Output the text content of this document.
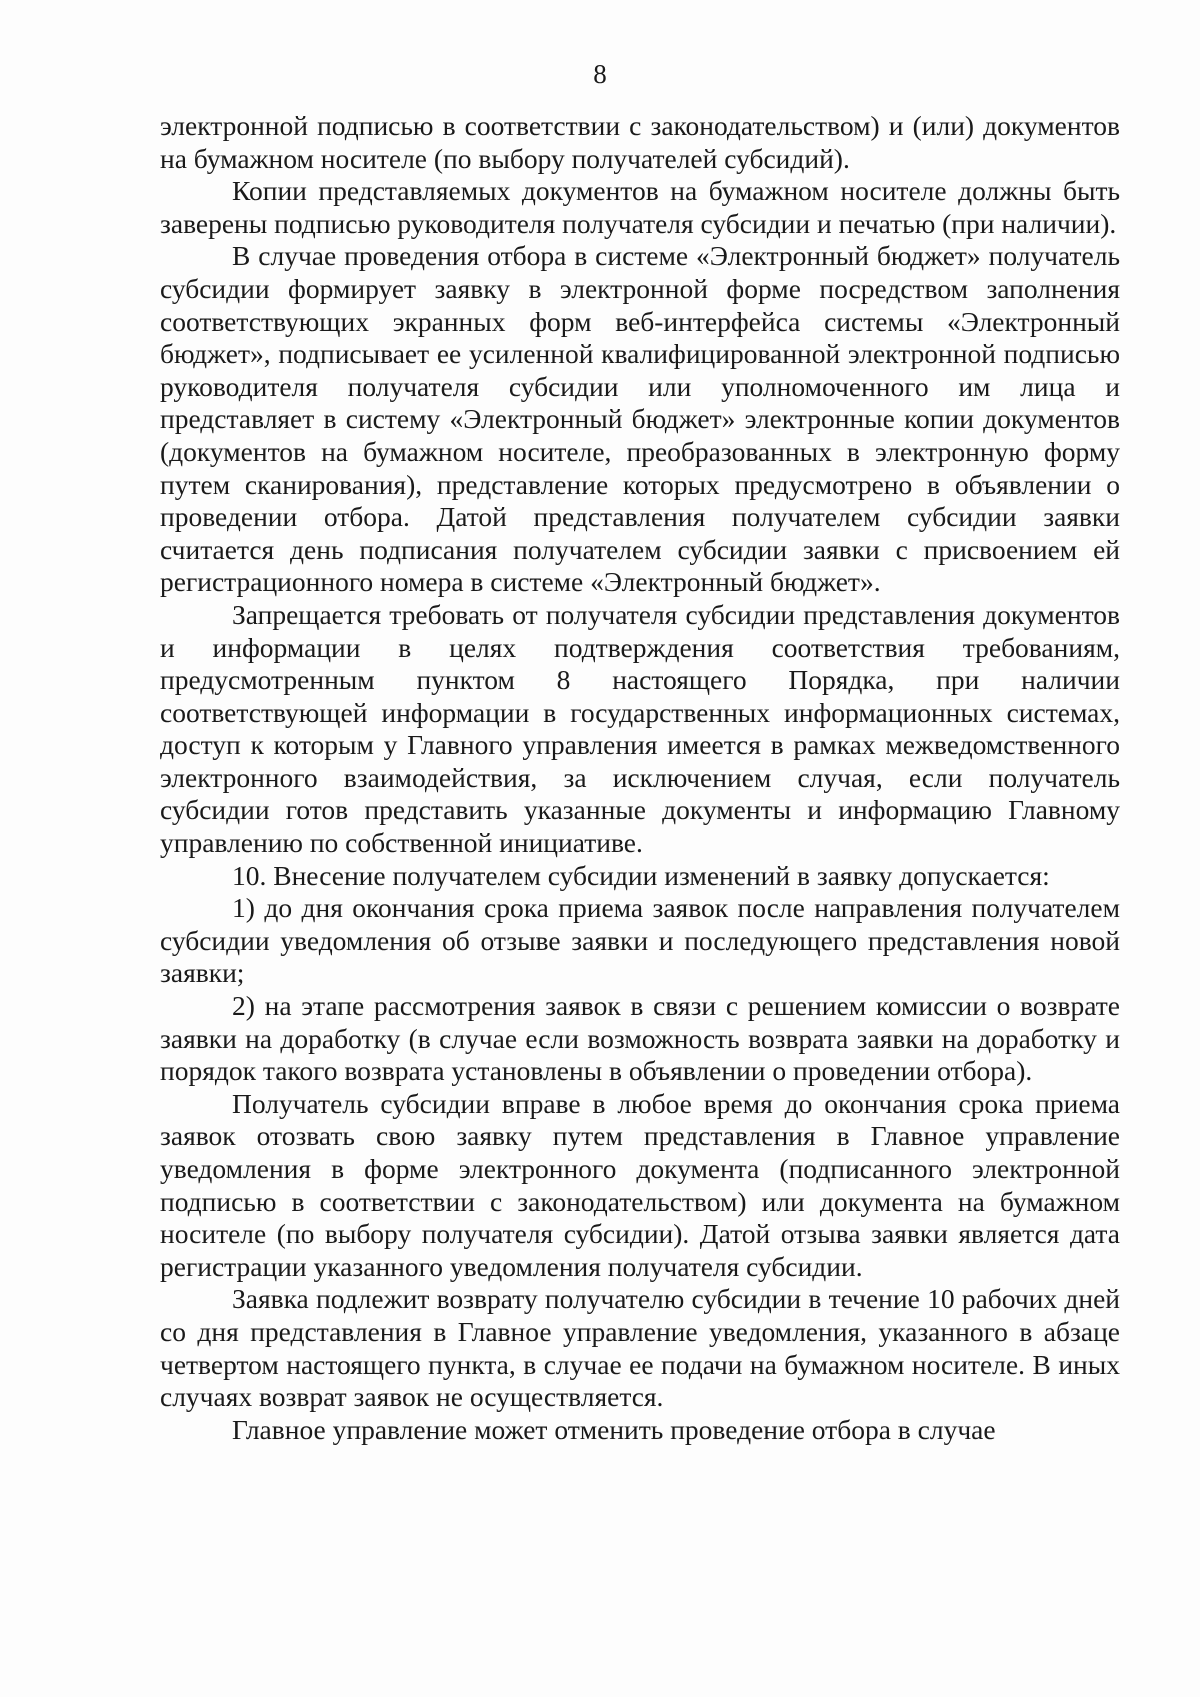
8

электронной подписью в соответствии с законодательством) и (или) документов на бумажном носителе (по выбору получателей субсидий).

Копии представляемых документов на бумажном носителе должны быть заверены подписью руководителя получателя субсидии и печатью (при наличии).

В случае проведения отбора в системе «Электронный бюджет» получатель субсидии формирует заявку в электронной форме посредством заполнения соответствующих экранных форм веб-интерфейса системы «Электронный бюджет», подписывает ее усиленной квалифицированной электронной подписью руководителя получателя субсидии или уполномоченного им лица и представляет в систему «Электронный бюджет» электронные копии документов (документов на бумажном носителе, преобразованных в электронную форму путем сканирования), представление которых предусмотрено в объявлении о проведении отбора. Датой представления получателем субсидии заявки считается день подписания получателем субсидии заявки с присвоением ей регистрационного номера в системе «Электронный бюджет».

Запрещается требовать от получателя субсидии представления документов и информации в целях подтверждения соответствия требованиям, предусмотренным пунктом 8 настоящего Порядка, при наличии соответствующей информации в государственных информационных системах, доступ к которым у Главного управления имеется в рамках межведомственного электронного взаимодействия, за исключением случая, если получатель субсидии готов представить указанные документы и информацию Главному управлению по собственной инициативе.

10. Внесение получателем субсидии изменений в заявку допускается:

1) до дня окончания срока приема заявок после направления получателем субсидии уведомления об отзыве заявки и последующего представления новой заявки;

2) на этапе рассмотрения заявок в связи с решением комиссии о возврате заявки на доработку (в случае если возможность возврата заявки на доработку и порядок такого возврата установлены в объявлении о проведении отбора).

Получатель субсидии вправе в любое время до окончания срока приема заявок отозвать свою заявку путем представления в Главное управление уведомления в форме электронного документа (подписанного электронной подписью в соответствии с законодательством) или документа на бумажном носителе (по выбору получателя субсидии). Датой отзыва заявки является дата регистрации указанного уведомления получателя субсидии.

Заявка подлежит возврату получателю субсидии в течение 10 рабочих дней со дня представления в Главное управление уведомления, указанного в абзаце четвертом настоящего пункта, в случае ее подачи на бумажном носителе. В иных случаях возврат заявок не осуществляется.

Главное управление может отменить проведение отбора в случае
